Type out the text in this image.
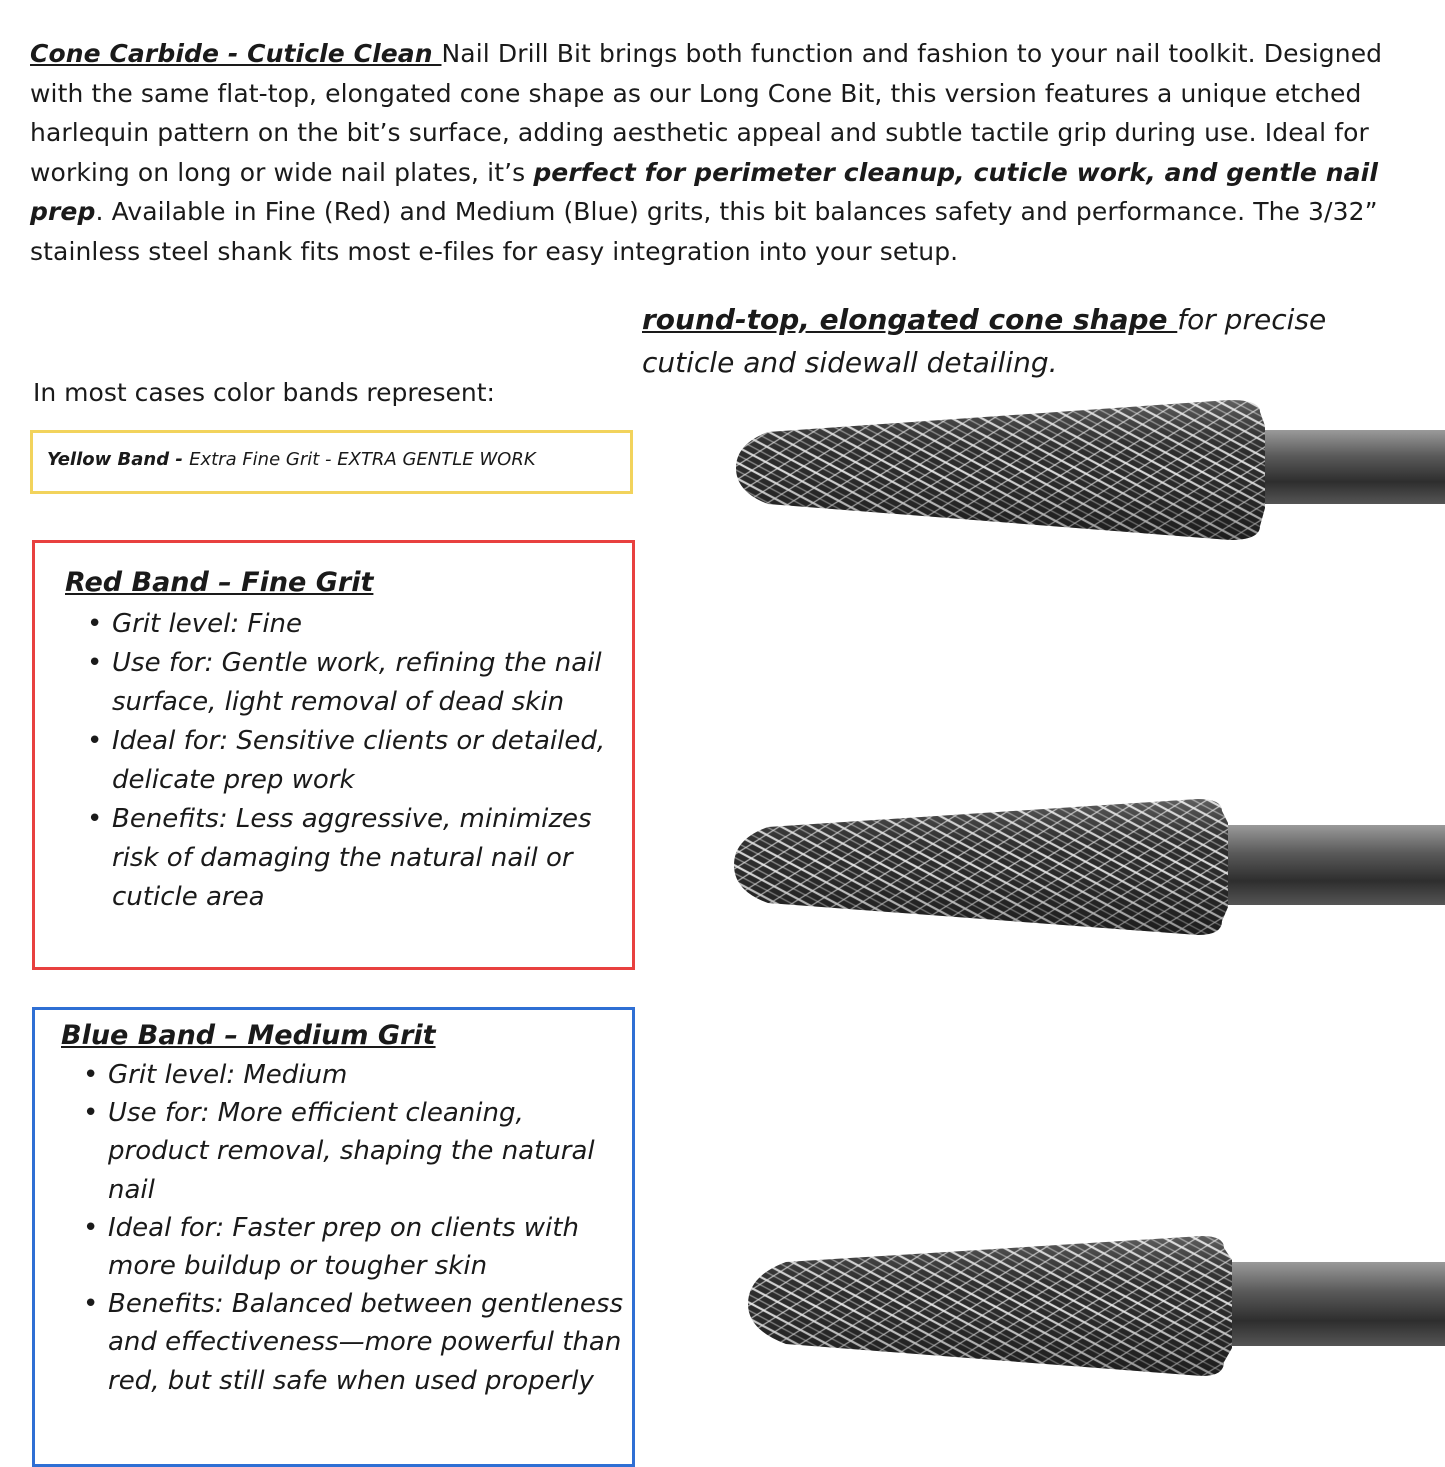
Cone Carbide - Cuticle Clean Nail Drill Bit brings both function and fashion to your nail toolkit. Designed with the same flat-top, elongated cone shape as our Long Cone Bit, this version features a unique etched harlequin pattern on the bit’s surface, adding aesthetic appeal and subtle tactile grip during use. Ideal for working on long or wide nail plates, it’s perfect for perimeter cleanup, cuticle work, and gentle nail prep. Available in Fine (Red) and Medium (Blue) grits, this bit balances safety and performance. The 3/32” stainless steel shank fits most e-files for easy integration into your setup.
round-top, elongated cone shape for precise cuticle and sidewall detailing.
In most cases color bands represent:
Yellow Band - Extra Fine Grit - EXTRA GENTLE WORK
Red Band – Fine Grit
• Grit level: Fine
• Use for: Gentle work, refining the nail surface, light removal of dead skin
• Ideal for: Sensitive clients or detailed, delicate prep work
• Benefits: Less aggressive, minimizes risk of damaging the natural nail or cuticle area
Blue Band – Medium Grit
• Grit level: Medium
• Use for: More efficient cleaning, product removal, shaping the natural nail
• Ideal for: Faster prep on clients with more buildup or tougher skin
• Benefits: Balanced between gentleness and effectiveness—more powerful than red, but still safe when used properly
